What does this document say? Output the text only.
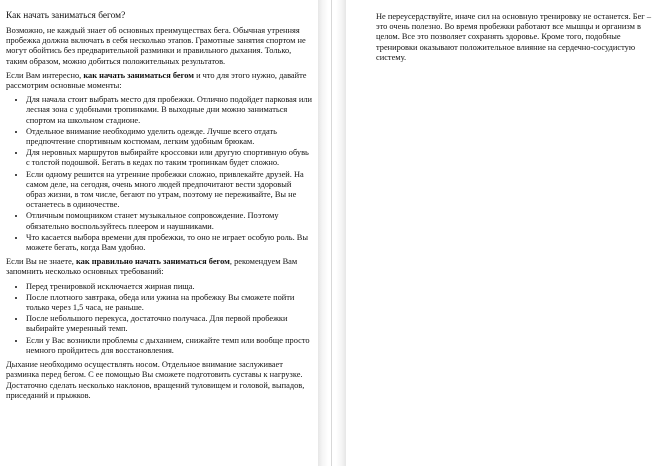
Как начать заниматься бегом?

Возможно, не каждый знает об основных преимуществах бега. Обычная утренняя пробежка должна включать в себя несколько этапов. Грамотные занятия спортом не могут обойтись без предварительной разминки и правильного дыхания. Только, таким образом, можно добиться положительных результатов.

Если Вам интересно, как начать заниматься бегом и что для этого нужно, давайте рассмотрим основные моменты:

• Для начала стоит выбрать место для пробежки. Отлично подойдет парковая или лесная зона с удобными тропинками. В выходные дни можно заниматься спортом на школьном стадионе.
• Отдельное внимание необходимо уделить одежде. Лучше всего отдать предпочтение спортивным костюмам, легким удобным брюкам.
• Для неровных маршрутов выбирайте кроссовки или другую спортивную обувь с толстой подошвой. Бегать в кедах по таким тропинкам будет сложно.
• Если одному решится на утренние пробежки сложно, привлекайте друзей. На самом деле, на сегодня, очень много людей предпочитают вести здоровый образ жизни, в том числе, бегают по утрам, поэтому не переживайте, Вы не останетесь в одиночестве.
• Отличным помощником станет музыкальное сопровождение. Поэтому обязательно воспользуйтесь плеером и наушниками.
• Что касается выбора времени для пробежки, то оно не играет особую роль. Вы можете бегать, когда Вам удобно.

Если Вы не знаете, как правильно начать заниматься бегом, рекомендуем Вам запомнить несколько основных требований:

• Перед тренировкой исключается жирная пища.
• После плотного завтрака, обеда или ужина на пробежку Вы сможете пойти только через 1,5 часа, не раньше.
• После небольшого перекуса, достаточно получаса. Для первой пробежки выбирайте умеренный темп.
• Если у Вас возникли проблемы с дыханием, снижайте темп или вообще просто немного пройдитесь для восстановления.

Дыхание необходимо осуществлять носом. Отдельное внимание заслуживает разминка перед бегом. С ее помощью Вы сможете подготовить суставы к нагрузке. Достаточно сделать несколько наклонов, вращений туловищем и головой, выпадов, приседаний и прыжков.

Не переусердствуйте, иначе сил на основную тренировку не останется. Бег – это очень полезно. Во время пробежки работают все мышцы и организм в целом. Все это позволяет сохранять здоровье. Кроме того, подобные тренировки оказывают положительное влияние на сердечно-сосудистую систему.
